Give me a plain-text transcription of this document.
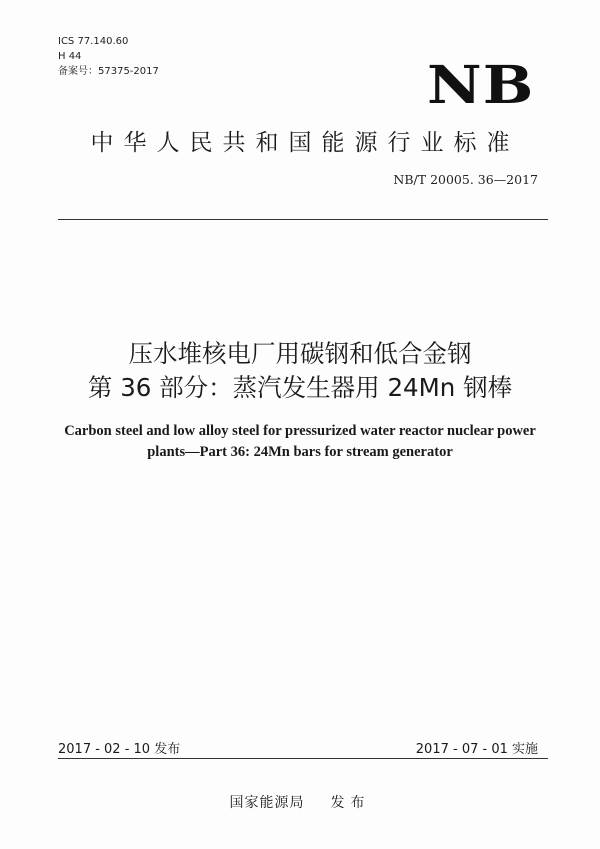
ICS 77.140.60
H 44
备案号：57375-2017	NB
中华人民共和国能源行业标准
NB/T 20005. 36—2017
压水堆核电厂用碳钢和低合金钢
第 36 部分：蒸汽发生器用 24Mn 钢棒
Carbon steel and low alloy steel for pressurized water reactor nuclear power
plants—Part 36: 24Mn bars for stream generator
2017 - 02 - 10 发布	2017 - 07 - 01 实施
国家能源局 发布
